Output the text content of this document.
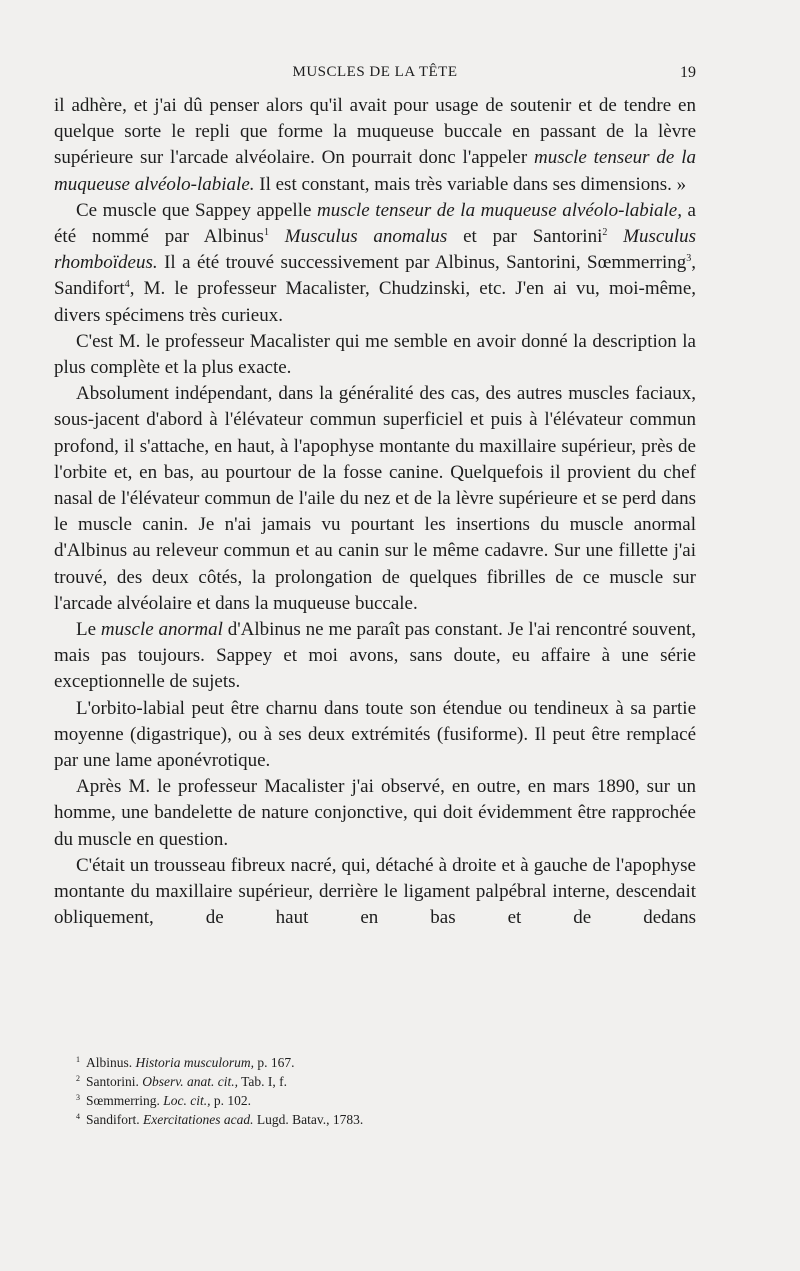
MUSCLES DE LA TÊTE	19

il adhère, et j'ai dû penser alors qu'il avait pour usage de soutenir et de tendre en quelque sorte le repli que forme la muqueuse buccale en passant de la lèvre supérieure sur l'arcade alvéolaire. On pourrait donc l'appeler muscle tenseur de la muqueuse alvéolo-labiale. Il est constant, mais très variable dans ses dimensions. »

Ce muscle que Sappey appelle muscle tenseur de la muqueuse alvéolo-labiale, a été nommé par Albinus$^1$ Musculus anomalus et par Santorini$^2$ Musculus rhomboïdeus. Il a été trouvé successivement par Albinus, Santorini, Sœmmerring$^3$, Sandifort$^4$, M. le professeur Macalister, Chudzinski, etc. J'en ai vu, moi-même, divers spécimens très curieux.

C'est M. le professeur Macalister qui me semble en avoir donné la description la plus complète et la plus exacte.

Absolument indépendant, dans la généralité des cas, des autres muscles faciaux, sous-jacent d'abord à l'élévateur commun superficiel et puis à l'élévateur commun profond, il s'attache, en haut, à l'apophyse montante du maxillaire supérieur, près de l'orbite et, en bas, au pourtour de la fosse canine. Quelquefois il provient du chef nasal de l'élévateur commun de l'aile du nez et de la lèvre supérieure et se perd dans le muscle canin. Je n'ai jamais vu pourtant les insertions du muscle anormal d'Albinus au releveur commun et au canin sur le même cadavre. Sur une fillette j'ai trouvé, des deux côtés, la prolongation de quelques fibrilles de ce muscle sur l'arcade alvéolaire et dans la muqueuse buccale.

Le muscle anormal d'Albinus ne me paraît pas constant. Je l'ai rencontré souvent, mais pas toujours. Sappey et moi avons, sans doute, eu affaire à une série exceptionnelle de sujets.

L'orbito-labial peut être charnu dans toute son étendue ou tendineux à sa partie moyenne (digastrique), ou à ses deux extrémités (fusiforme). Il peut être remplacé par une lame aponévrotique.

Après M. le professeur Macalister j'ai observé, en outre, en mars 1890, sur un homme, une bandelette de nature conjonctive, qui doit évidemment être rapprochée du muscle en question.

C'était un trousseau fibreux nacré, qui, détaché à droite et à gauche de l'apophyse montante du maxillaire supérieur, derrière le ligament palpébral interne, descendait obliquement, de haut en bas et de dedans

$^1$ Albinus. Historia musculorum, p. 167.
$^2$ Santorini. Observ. anat. cit., Tab. I, f.
$^3$ Sœmmerring. Loc. cit., p. 102.
$^4$ Sandifort. Exercitationes acad. Lugd. Batav., 1783.
